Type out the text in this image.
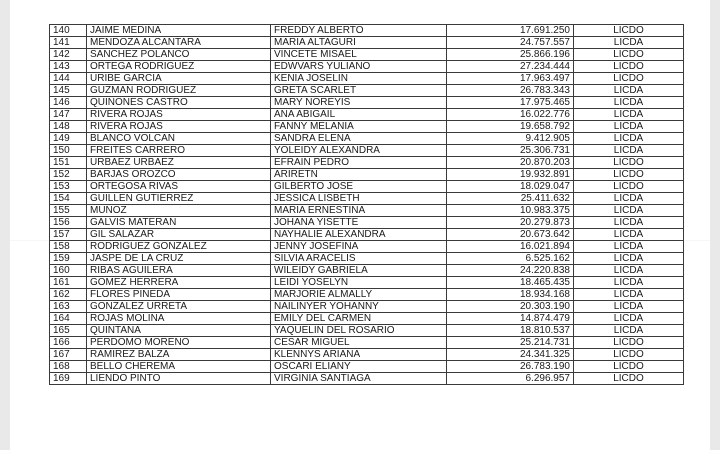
140	JAIME MEDINA	FREDDY ALBERTO	17.691.250	LICDO
141	MENDOZA ALCANTARA	MARIA ALTAGURI	24.757.557	LICDA
142	SANCHEZ POLANCO	VINCETE MISAEL	25.866.196	LICDO
143	ORTEGA RODRIGUEZ	EDWVARS YULIANO	27.234.444	LICDO
144	URIBE GARCIA	KENIA JOSELIN	17.963.497	LICDO
145	GUZMAN RODRIGUEZ	GRETA SCARLET	26.783.343	LICDA
146	QUIÑONES CASTRO	MARY NOREYIS	17.975.465	LICDA
147	RIVERA ROJAS	ANA ABIGAIL	16.022.776	LICDA
148	RIVERA ROJAS	FANNY MELANIA	19.658.792	LICDA
149	BLANCO VOLCAN	SANDRA ELENA	9.412.905	LICDA
150	FREITES CARRERO	YOLEIDY ALEXANDRA	25.306.731	LICDA
151	URBAEZ URBAEZ	EFRAIN PEDRO	20.870.203	LICDO
152	BARJAS OROZCO	ARIRETN	19.932.891	LICDO
153	ORTEGOSA RIVAS	GILBERTO JOSE	18.029.047	LICDO
154	GUILLEN GUTIERREZ	JESSICA LISBETH	25.411.632	LICDA
155	MUÑOZ	MARIA ERNESTINA	10.983.375	LICDA
156	GALVIS MATERAN	JOHANA YISETTE	20.279.873	LICDA
157	GIL SALAZAR	NAYHALIE ALEXANDRA	20.673.642	LICDA
158	RODRIGUEZ GONZALEZ	JENNY JOSEFINA	16.021.894	LICDA
159	JASPE DE LA CRUZ	SILVIA ARACELIS	6.525.162	LICDA
160	RIBAS AGUILERA	WILEIDY GABRIELA	24.220.838	LICDA
161	GOMEZ HERRERA	LEIDI YOSELYN	18.465.435	LICDA
162	FLORES PINEDA	MARJORIE ALMALLY	18.934.168	LICDA
163	GONZALEZ URRETA	NAILINYER YOHANNY	20.303.190	LICDA
164	ROJAS MOLINA	EMILY DEL CARMEN	14.874.479	LICDA
165	QUINTANA	YAQUELIN DEL ROSARIO	18.810.537	LICDA
166	PERDOMO MORENO	CESAR MIGUEL	25.214.731	LICDO
167	RAMIREZ BALZA	KLENNYS ARIANA	24.341.325	LICDO
168	BELLO CHEREMA	OSCARI ELIANY	26.783.190	LICDO
169	LIENDO PINTO	VIRGINIA SANTIAGA	6.296.957	LICDO
